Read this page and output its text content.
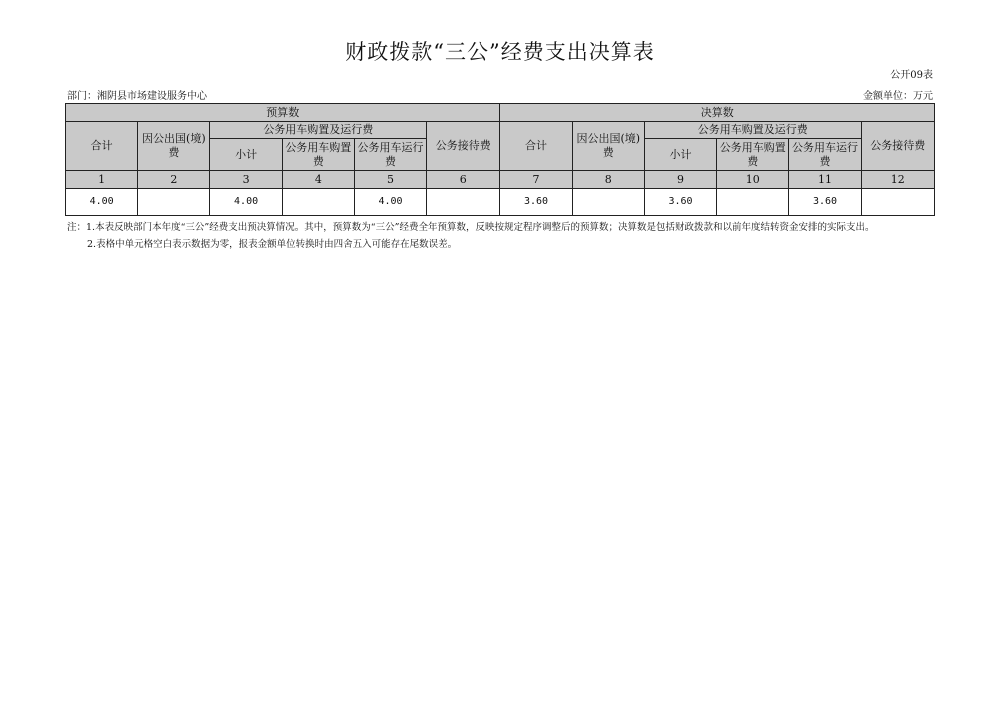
财政拨款“三公”经费支出决算表
公开09表
部门：湘阴县市场建设服务中心	金额单位：万元
预算数						决算数					
合计	因公出国(境)费	公务用车购置及运行费			公务接待费	合计	因公出国(境)费	公务用车购置及运行费			公务接待费
		小计	公务用车购置费	公务用车运行费				小计	公务用车购置费	公务用车运行费	
1	2	3	4	5	6	7	8	9	10	11	12
4.00		4.00		4.00		3.60		3.60		3.60	
注：1.本表反映部门本年度“三公”经费支出预决算情况。其中，预算数为“三公”经费全年预算数，反映按规定程序调整后的预算数；决算数是包括财政拨款和以前年度结转资金安排的实际支出。
2.表格中单元格空白表示数据为零，报表金额单位转换时由四舍五入可能存在尾数误差。
